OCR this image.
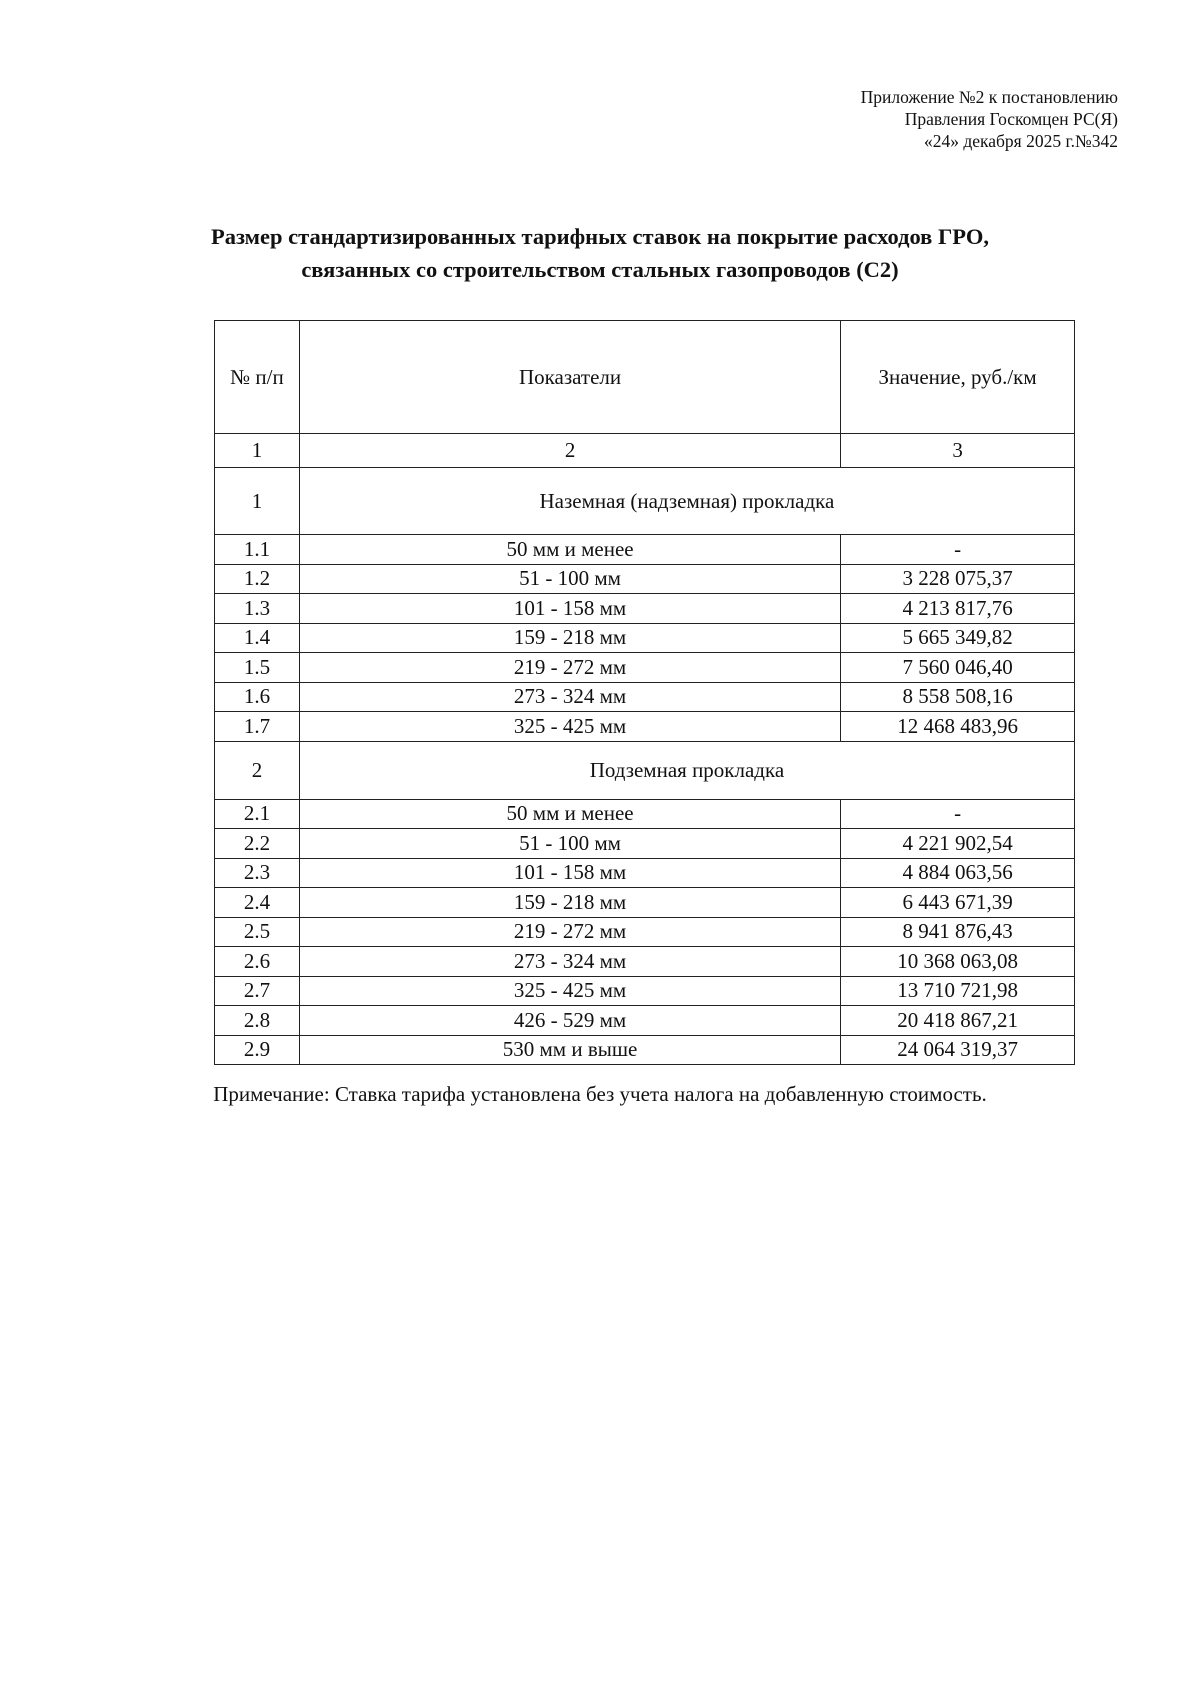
Приложение №2 к постановлению
Правления Госкомцен РС(Я)
«24» декабря 2025 г.№342
Размер стандартизированных тарифных ставок на покрытие расходов ГРО,
связанных со строительством стальных газопроводов (С2)
№ п/п	Показатели	Значение, руб./км
1	2	3
1	Наземная (надземная) прокладка	
1.1	50 мм и менее	-
1.2	51 - 100 мм	3 228 075,37
1.3	101 - 158 мм	4 213 817,76
1.4	159 - 218 мм	5 665 349,82
1.5	219 - 272 мм	7 560 046,40
1.6	273 - 324 мм	8 558 508,16
1.7	325 - 425 мм	12 468 483,96
2	Подземная прокладка	
2.1	50 мм и менее	-
2.2	51 - 100 мм	4 221 902,54
2.3	101 - 158 мм	4 884 063,56
2.4	159 - 218 мм	6 443 671,39
2.5	219 - 272 мм	8 941 876,43
2.6	273 - 324 мм	10 368 063,08
2.7	325 - 425 мм	13 710 721,98
2.8	426 - 529 мм	20 418 867,21
2.9	530 мм и выше	24 064 319,37
Примечание: Ставка тарифа установлена без учета налога на добавленную стоимость.
